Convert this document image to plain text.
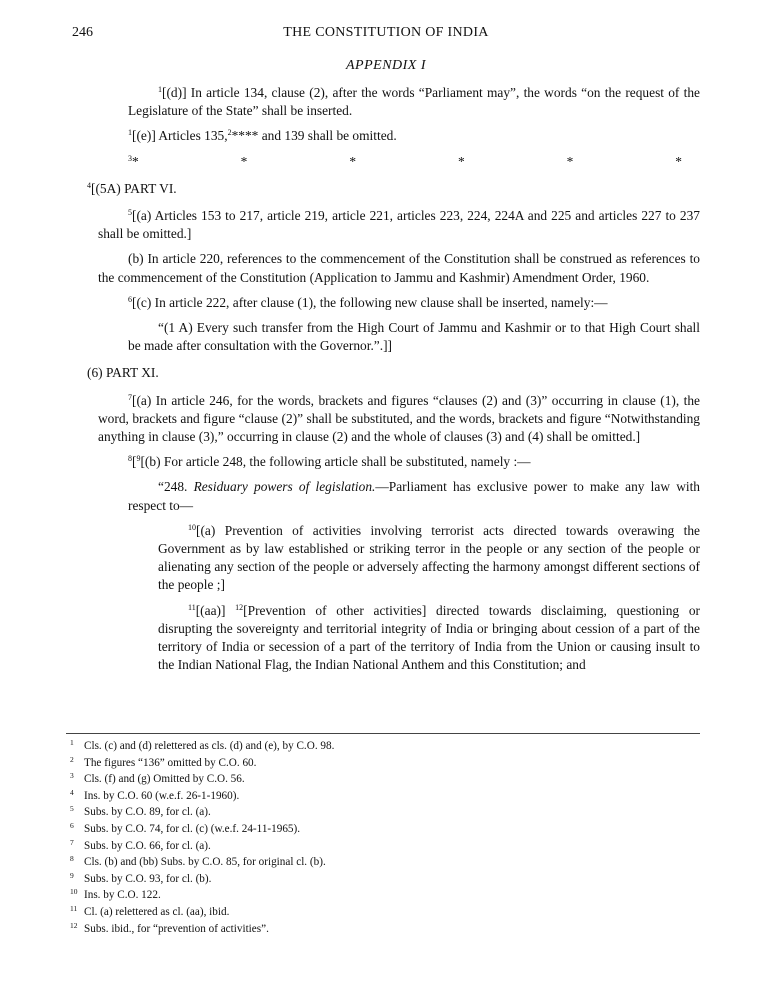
246	THE CONSTITUTION OF INDIA
APPENDIX I

$^1$[(d)] In article 134, clause (2), after the words “Parliament may”, the words “on the request of the Legislature of the State” shall be inserted.

$^1$[(e)] Articles 135,$^2$**** and 139 shall be omitted.

$^3$*	*	*	*	*	*

$^4$[(5A) PART VI.

$^5$[(a) Articles 153 to 217, article 219, article 221, articles 223, 224, 224A and 225 and articles 227 to 237 shall be omitted.]

(b) In article 220, references to the commencement of the Constitution shall be construed as references to the commencement of the Constitution (Application to Jammu and Kashmir) Amendment Order, 1960.

$^6$[(c) In article 222, after clause (1), the following new clause shall be inserted, namely:—

“(1 A) Every such transfer from the High Court of Jammu and Kashmir or to that High Court shall be made after consultation with the Governor.”.]]

(6) PART XI.

$^7$[(a) In article 246, for the words, brackets and figures “clauses (2) and (3)” occurring in clause (1), the word, brackets and figure “clause (2)” shall be substituted, and the words, brackets and figure “Notwithstanding anything in clause (3),” occurring in clause (2) and the whole of clauses (3) and (4) shall be omitted.]

$^8$[$^9$[(b) For article 248, the following article shall be substituted, namely :—

“248. Residuary powers of legislation.—Parliament has exclusive power to make any law with respect to—

$^{10}$[(a) Prevention of activities involving terrorist acts directed towards overawing the Government as by law established or striking terror in the people or any section of the people or alienating any section of the people or adversely affecting the harmony amongst different sections of the people ;]

$^{11}$[(aa)] $^{12}$[Prevention of other activities] directed towards disclaiming, questioning or disrupting the sovereignty and territorial integrity of India or bringing about cession of a part of the territory of India or secession of a part of the territory of India from the Union or causing insult to the Indian National Flag, the Indian National Anthem and this Constitution; and

1 Cls. (c) and (d) relettered as cls. (d) and (e), by C.O. 98.
2 The figures “136” omitted by C.O. 60.
3 Cls. (f) and (g) Omitted by C.O. 56.
4 Ins. by C.O. 60 (w.e.f. 26-1-1960).
5 Subs. by C.O. 89, for cl. (a).
6 Subs. by C.O. 74, for cl. (c) (w.e.f. 24-11-1965).
7 Subs. by C.O. 66, for cl. (a).
8 Cls. (b) and (bb) Subs. by C.O. 85, for original cl. (b).
9 Subs. by C.O. 93, for cl. (b).
10 Ins. by C.O. 122.
11 Cl. (a) relettered as cl. (aa), ibid.
12 Subs. ibid., for “prevention of activities”.
